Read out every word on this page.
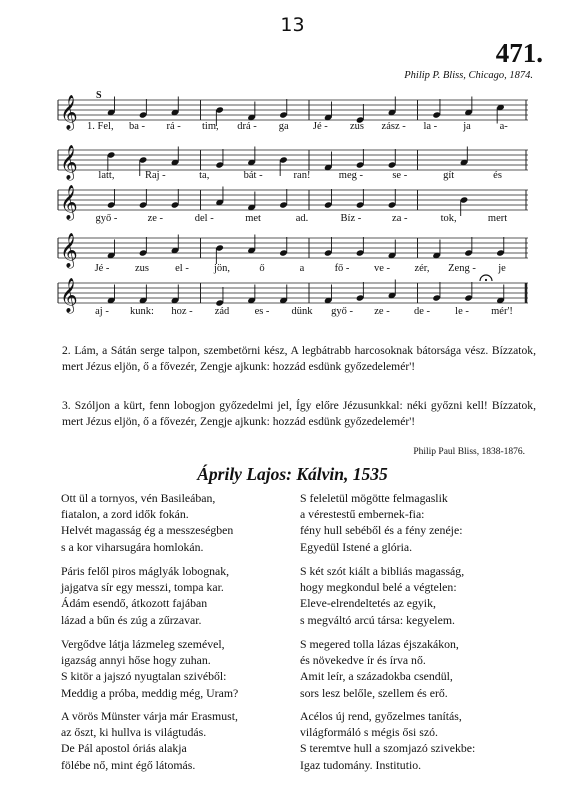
13
471.
Philip P. Bliss, Chicago, 1874.
𝄞 S
𝄞
𝄞
𝄞
𝄞
1. Fel, ba - rá - tim, drá - ga Jé - zus zász - la - ja	a-
latt,	Raj -	ta,	bát -	ran!	meg -	se -	gít	és
győ -	ze -	del -	met	ad.	Bíz -	za -	tok,	mert
Jé - zus el - jön,	ő	a	fő - ve - zér, Zeng - je
aj - kunk: hoz - zád es - dünk győ - ze - de - le - mér'!
2. Lám, a Sátán serge talpon, szembetörni kész, A legbátrabb harcosoknak bátorsága vész. Bízzatok, mert Jézus eljön, ő a fővezér, Zengje ajkunk: hozzád esdünk győzedelemér'!
3. Szóljon a kürt, fenn lobogjon győzedelmi jel, Így előre Jézusunkkal: néki győzni kell! Bízzatok, mert Jézus eljön, ő a fővezér, Zengje ajkunk: hozzád esdünk győzedelemér'!
Philip Paul Bliss, 1838-1876.
Áprily Lajos: Kálvin, 1535
Ott ül a tornyos, vén Basileában,
fiatalon, a zord idők fokán.
Helvét magasság ég a messzeségben
s a kor viharsugára homlokán.
Páris felől piros máglyák lobognak,
jajgatva sír egy messzi, tompa kar.
Ádám esendő, átkozott fajában
lázad a bűn és zúg a zűrzavar.
Vergődve látja lázmeleg szemével,
igazság annyi hőse hogy zuhan.
S kitör a jajszó nyugtalan szivéből:
Meddig a próba, meddig még, Uram?
A vörös Münster várja már Erasmust,
az őszt, ki hullva is világtudás.
De Pál apostol óriás alakja
fölébe nő, mint égő látomás.
S feleletül mögötte felmagaslik
a vérestestű embernek-fia:
fény hull sebéből és a fény zenéje:
Egyedül Istené a glória.
S két szót kiált a bibliás magasság,
hogy megkondul belé a végtelen:
Eleve-elrendeltetés az egyik,
s megváltó arcú társa: kegyelem.
S megered tolla lázas éjszakákon,
és növekedve ír és írva nő.
Amit leír, a századokba csendül,
sors lesz belőle, szellem és erő.
Acélos új rend, győzelmes tanítás,
világformáló s mégis ősi szó.
S teremtve hull a szomjazó szivekbe:
Igaz tudomány. Institutio.
